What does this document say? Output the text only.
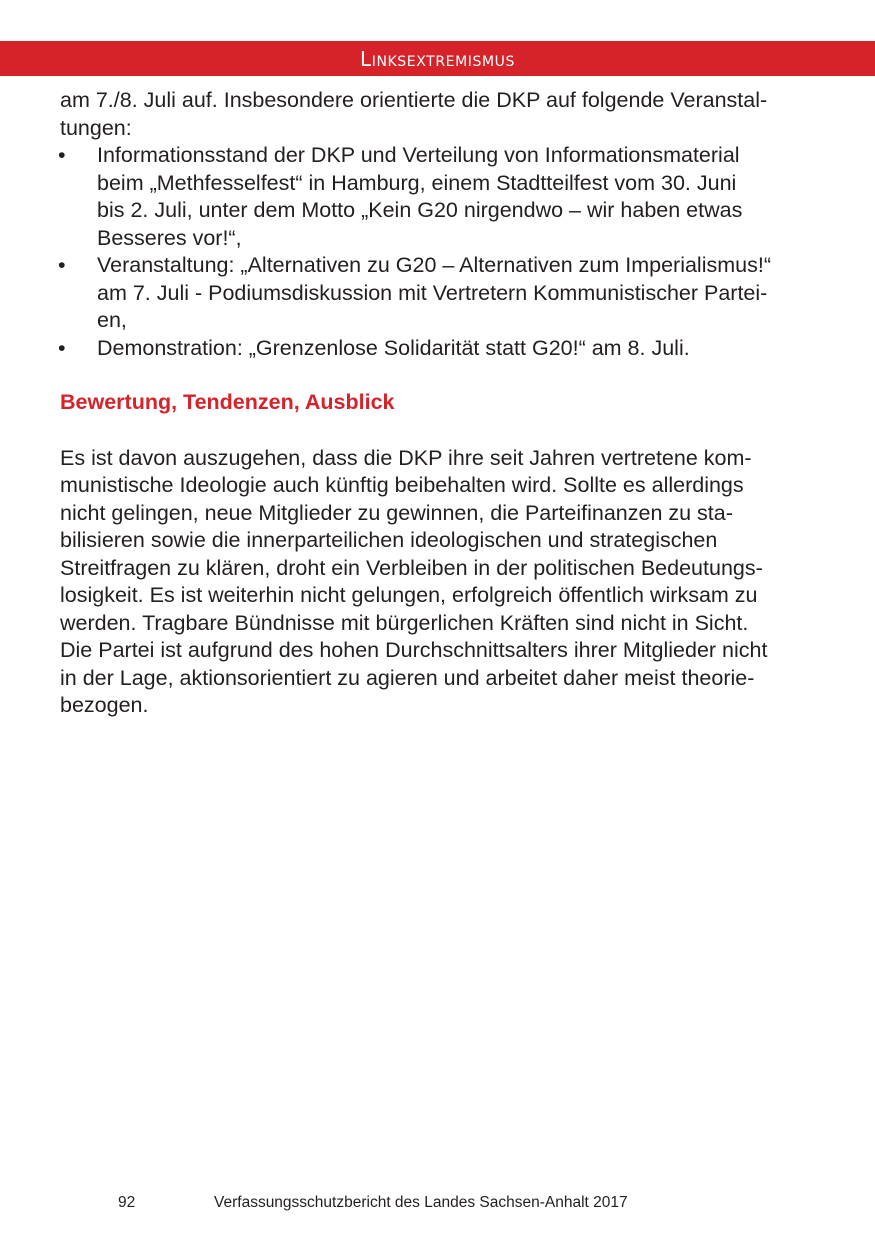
Linksextremismus
am 7./8. Juli auf. Insbesondere orientierte die DKP auf folgende Veranstal-
tungen:
• Informationsstand der DKP und Verteilung von Informationsmaterial
beim „Methfesselfest“ in Hamburg, einem Stadtteilfest vom 30. Juni
bis 2. Juli, unter dem Motto „Kein G20 nirgendwo – wir haben etwas
Besseres vor!“,
• Veranstaltung: „Alternativen zu G20 – Alternativen zum Imperialismus!“
am 7. Juli - Podiumsdiskussion mit Vertretern Kommunistischer Partei-
en,
• Demonstration: „Grenzenlose Solidarität statt G20!“ am 8. Juli.
Bewertung, Tendenzen, Ausblick
Es ist davon auszugehen, dass die DKP ihre seit Jahren vertretene kom-
munistische Ideologie auch künftig beibehalten wird. Sollte es allerdings
nicht gelingen, neue Mitglieder zu gewinnen, die Parteifinanzen zu sta-
bilisieren sowie die innerparteilichen ideologischen und strategischen
Streitfragen zu klären, droht ein Verbleiben in der politischen Bedeutungs-
losigkeit. Es ist weiterhin nicht gelungen, erfolgreich öffentlich wirksam zu
werden. Tragbare Bündnisse mit bürgerlichen Kräften sind nicht in Sicht.
Die Partei ist aufgrund des hohen Durchschnittsalters ihrer Mitglieder nicht
in der Lage, aktionsorientiert zu agieren und arbeitet daher meist theorie-
bezogen.
92	Verfassungsschutzbericht des Landes Sachsen-Anhalt 2017
